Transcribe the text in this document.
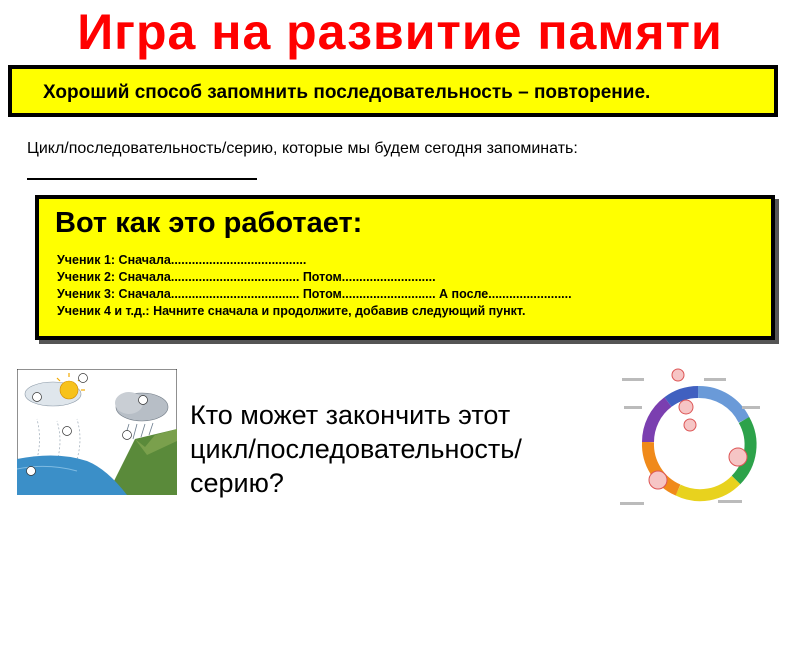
Игра на развитие памяти
Хороший способ запомнить последовательность – повторение.
Цикл/последовательность/серию, которые мы будем сегодня запоминать:
Вот как это работает:
Ученик 1: Сначала.......................................
Ученик 2: Сначала..................................... Потом...........................
Ученик 3: Сначала..................................... Потом........................... А после........................
Ученик 4 и т.д.: Начните сначала и продолжите, добавив следующий пункт.
Кто может закончить этот
цикл/последовательность/
серию?
